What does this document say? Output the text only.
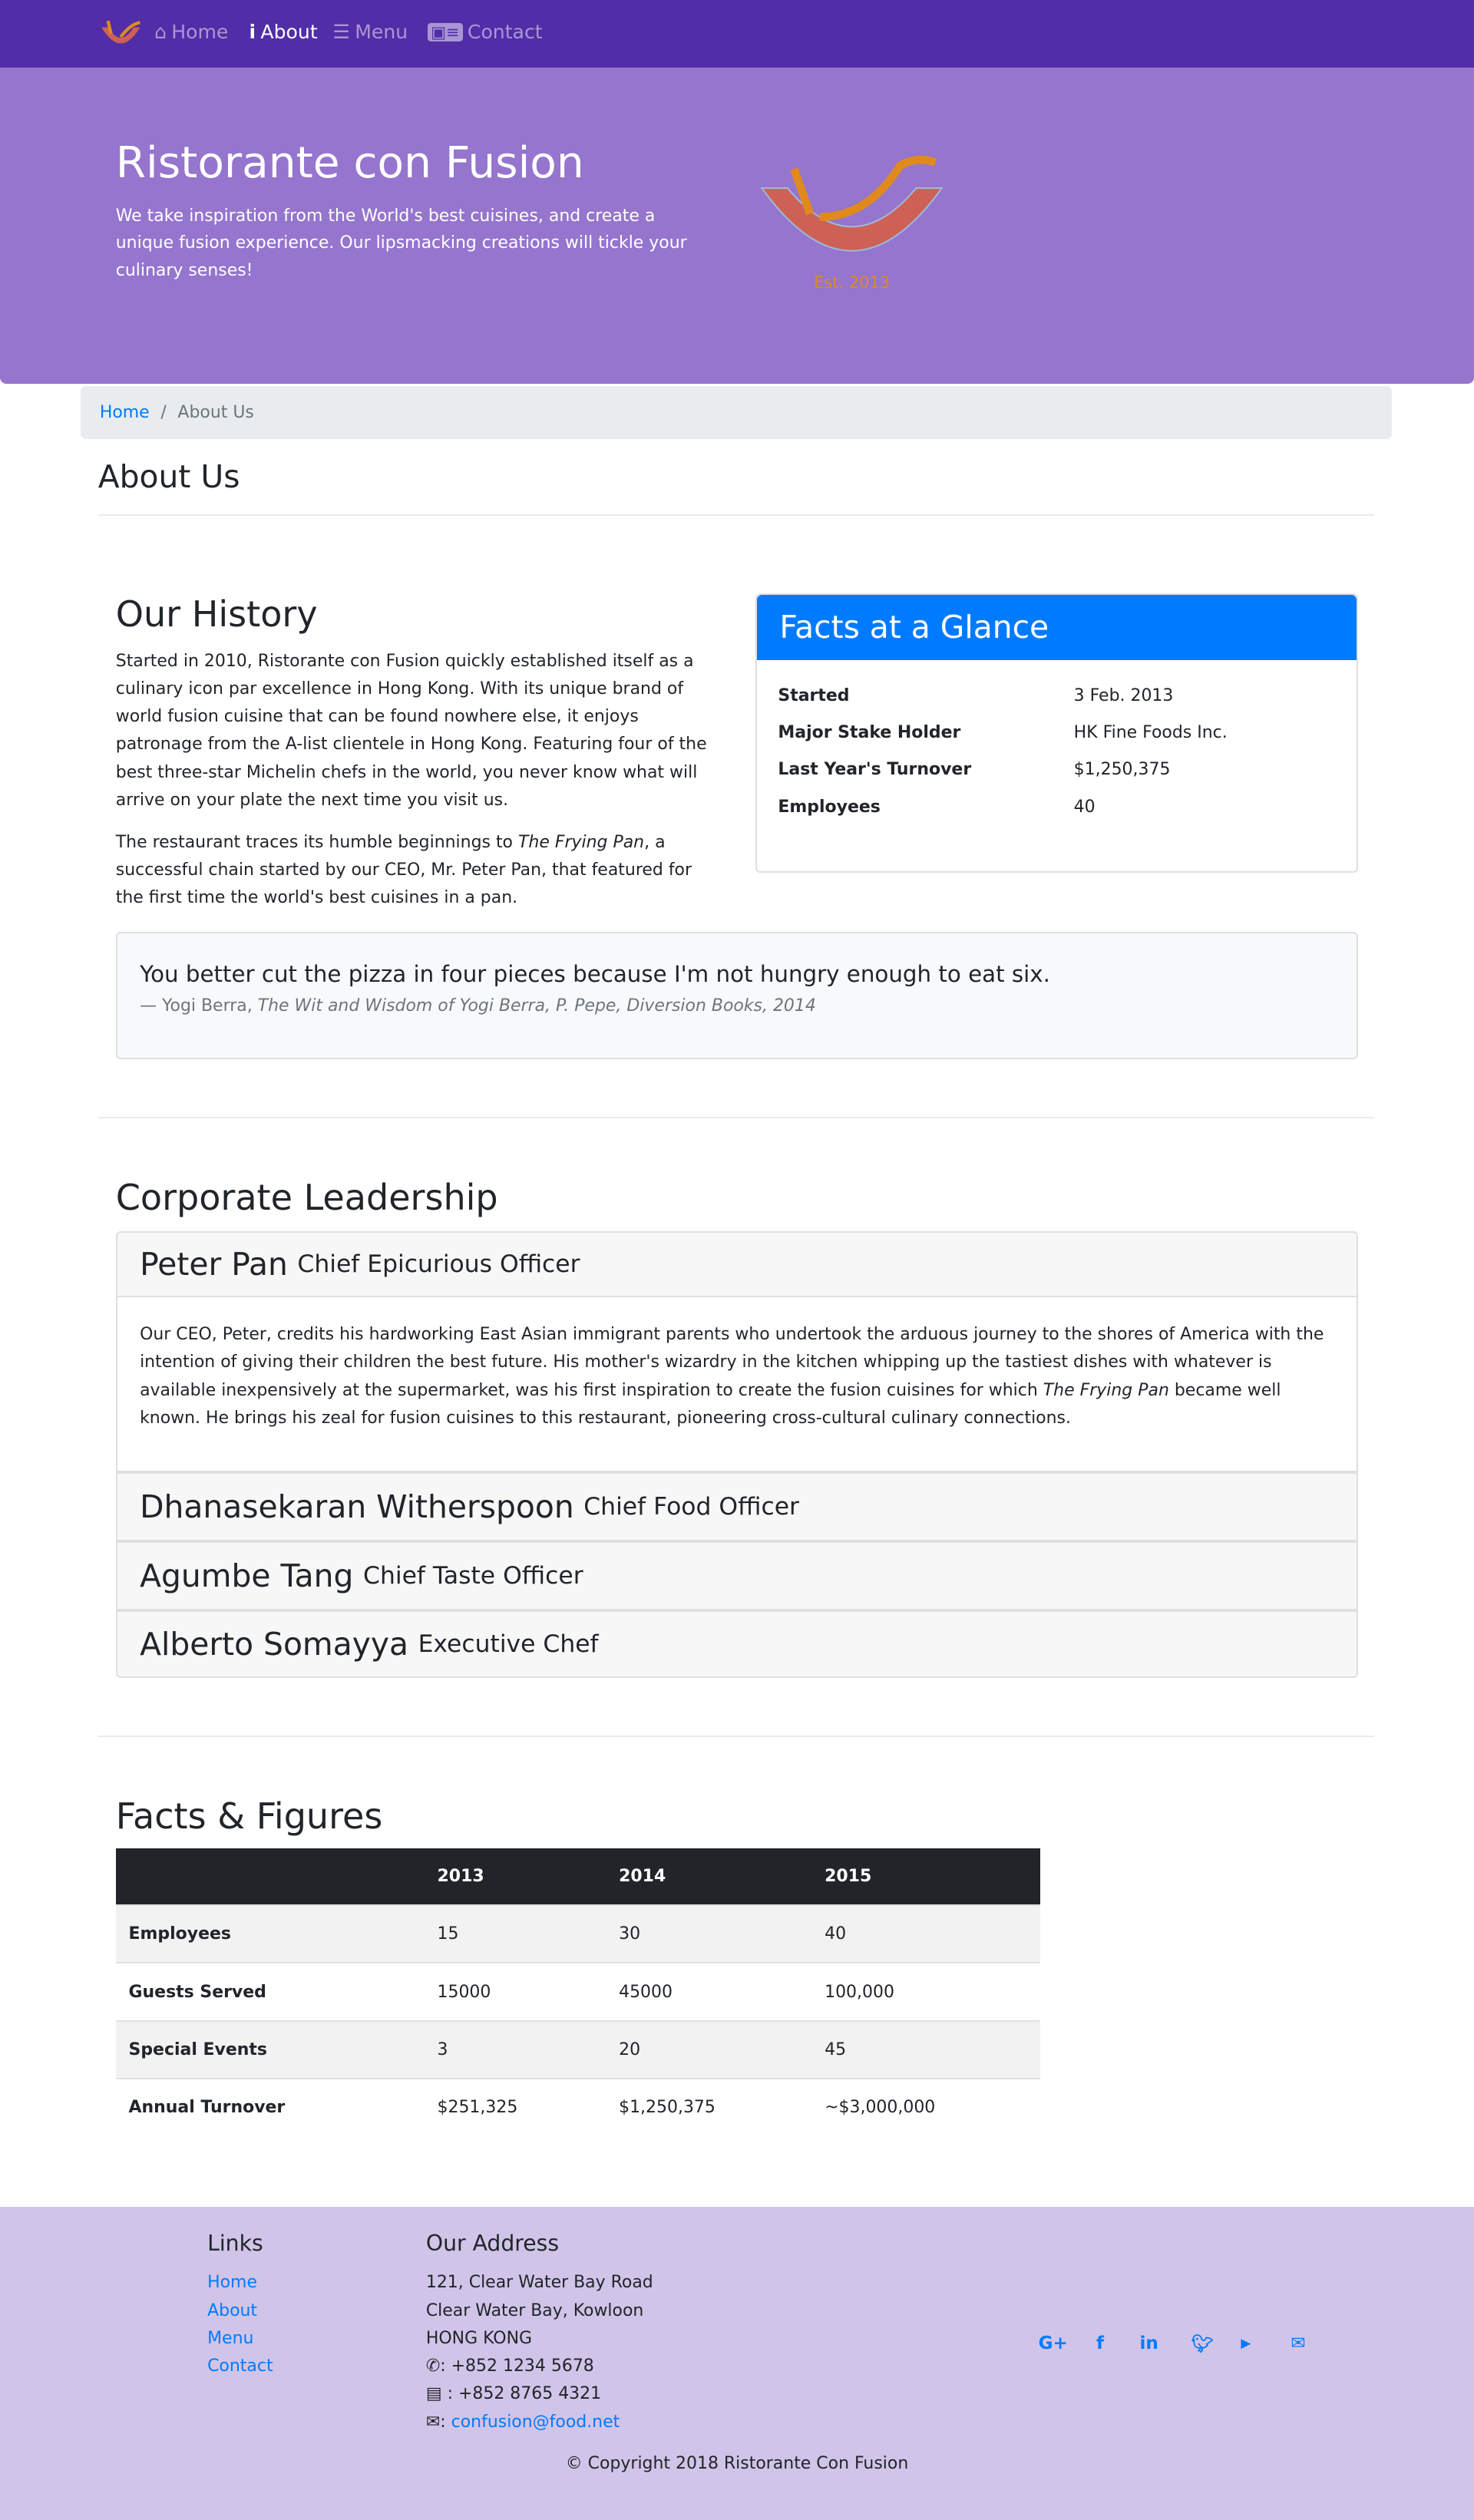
⌂ Home i About ☰ Menu	▣≡ Contact
Ristorante con Fusion

We take inspiration from the World's best cuisines, and create a unique fusion experience. Our lipsmacking creations will tickle your culinary senses!

Est. 2013
Home / About Us
About Us
Our History

Started in 2010, Ristorante con Fusion quickly established itself as a culinary icon par excellence in Hong Kong. With its unique brand of world fusion cuisine that can be found nowhere else, it enjoys patronage from the A-list clientele in Hong Kong. Featuring four of the best three-star Michelin chefs in the world, you never know what will arrive on your plate the next time you visit us.

The restaurant traces its humble beginnings to The Frying Pan, a successful chain started by our CEO, Mr. Peter Pan, that featured for the first time the world's best cuisines in a pan.

Facts at a Glance
Started	3 Feb. 2013
Major Stake Holder	HK Fine Foods Inc.
Last Year's Turnover	$1,250,375
Employees	40
You better cut the pizza in four pieces because I'm not hungry enough to eat six.
— Yogi Berra, The Wit and Wisdom of Yogi Berra, P. Pepe, Diversion Books, 2014
Corporate Leadership
Peter Pan Chief Epicurious Officer
Our CEO, Peter, credits his hardworking East Asian immigrant parents who undertook the arduous journey to the shores of America with the intention of giving their children the best future. His mother's wizardry in the kitchen whipping up the tastiest dishes with whatever is available inexpensively at the supermarket, was his first inspiration to create the fusion cuisines for which The Frying Pan became well known. He brings his zeal for fusion cuisines to this restaurant, pioneering cross-cultural culinary connections.
Dhanasekaran Witherspoon Chief Food Officer
Agumbe Tang Chief Taste Officer
Alberto Somayya Executive Chef
Facts & Figures
	2013	2014	2015
Employees	15	30	40
Guests Served	15000	45000	100,000
Special Events	3	20	45
Annual Turnover	$251,325	$1,250,375	~$3,000,000
Links
Home
About
Menu
Contact
Our Address
121, Clear Water Bay Road
Clear Water Bay, Kowloon
HONG KONG
✆: +852 1234 5678
▤ : +852 8765 4321
✉: confusion@food.net
G+	f	in	🐦︎	▶	✉
© Copyright 2018 Ristorante Con Fusion
